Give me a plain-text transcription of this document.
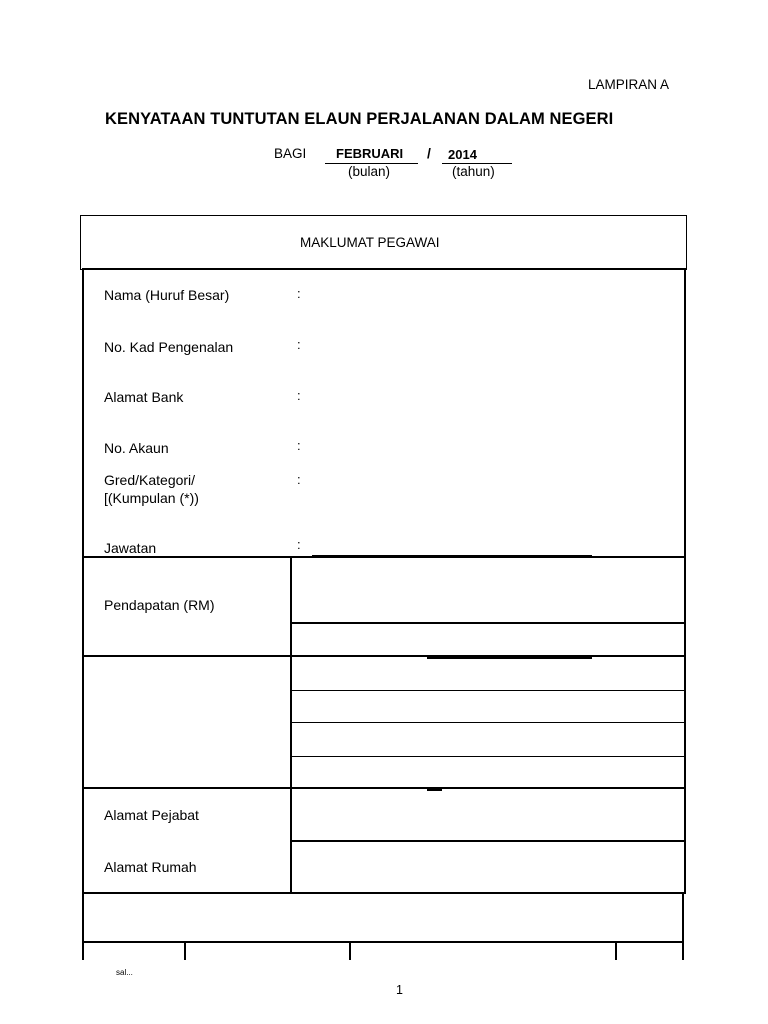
LAMPIRAN A
KENYATAAN TUNTUTAN ELAUN PERJALANAN DALAM NEGERI
BAGI FEBRUARI / 2014
(bulan)	(tahun)
MAKLUMAT PEGAWAI
Nama (Huruf Besar)	:
No. Kad Pengenalan	:
Alamat Bank	:
No. Akaun	:
Gred/Kategori/
[(Kumpulan (*))
:
Jawatan	:
Pendapatan (RM)
Alamat Pejabat
Alamat Rumah
sal...
1
